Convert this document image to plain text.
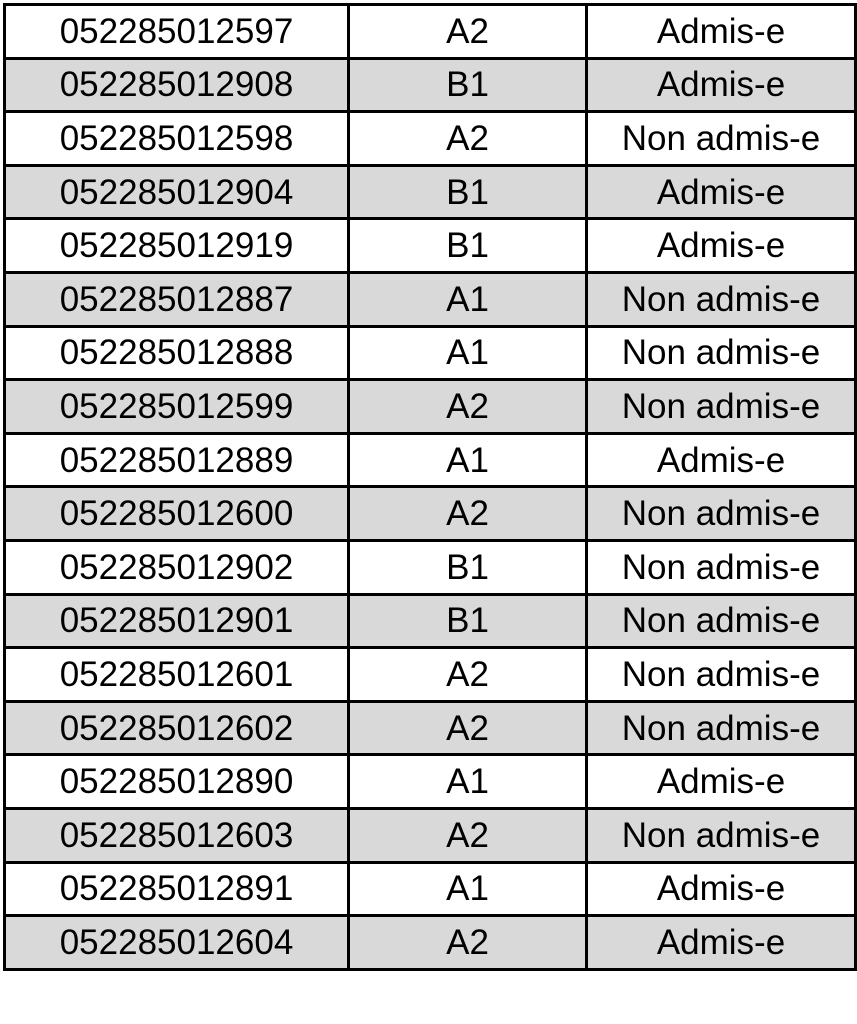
052285012597	A2	Admis-e
052285012908	B1	Admis-e
052285012598	A2	Non admis-e
052285012904	B1	Admis-e
052285012919	B1	Admis-e
052285012887	A1	Non admis-e
052285012888	A1	Non admis-e
052285012599	A2	Non admis-e
052285012889	A1	Admis-e
052285012600	A2	Non admis-e
052285012902	B1	Non admis-e
052285012901	B1	Non admis-e
052285012601	A2	Non admis-e
052285012602	A2	Non admis-e
052285012890	A1	Admis-e
052285012603	A2	Non admis-e
052285012891	A1	Admis-e
052285012604	A2	Admis-e
